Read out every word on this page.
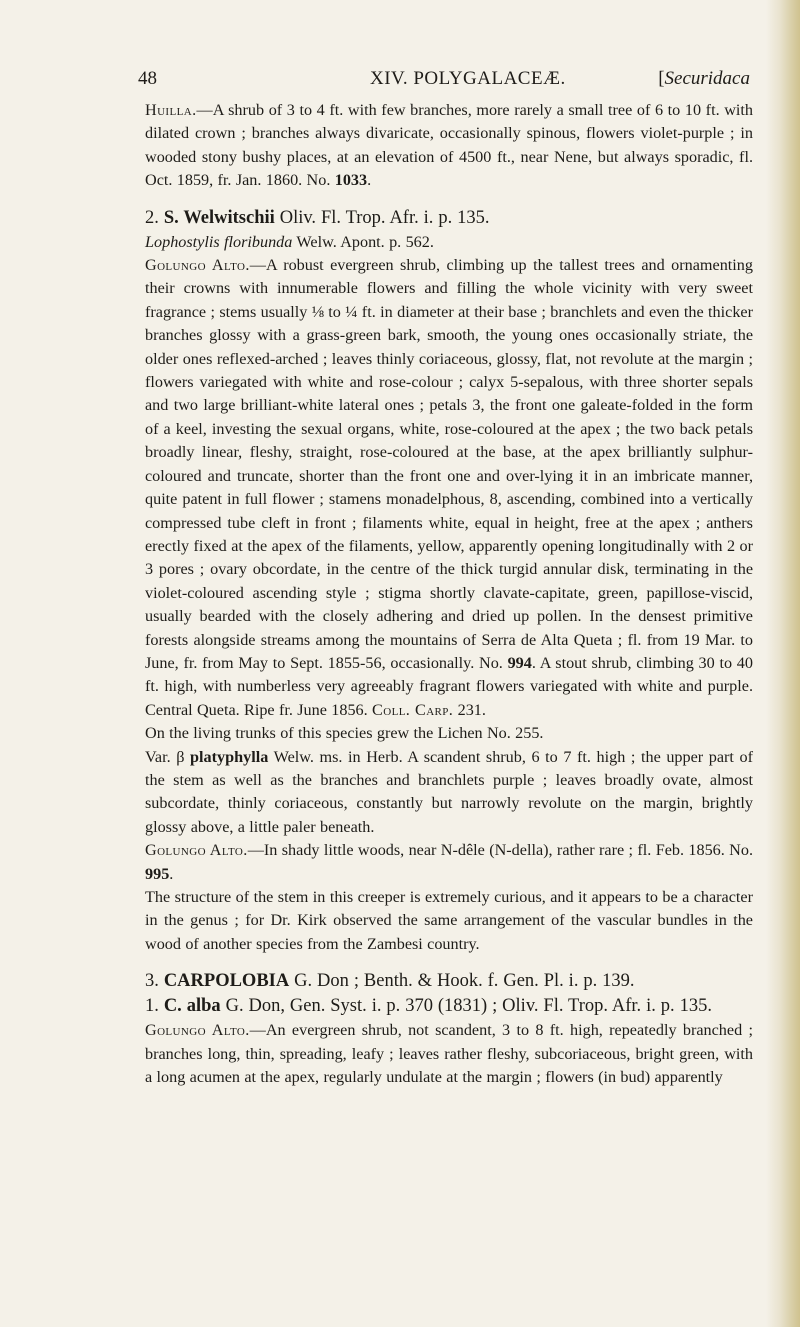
48	XIV. POLYGALACEÆ.	[Securidaca

Huilla.—A shrub of 3 to 4 ft. with few branches, more rarely a small tree of 6 to 10 ft. with dilated crown ; branches always divaricate, occasionally spinous, flowers violet-purple ; in wooded stony bushy places, at an elevation of 4500 ft., near Nene, but always sporadic, fl. Oct. 1859, fr. Jan. 1860. No. 1033.

2. S. Welwitschii Oliv. Fl. Trop. Afr. i. p. 135.

Lophostylis floribunda Welw. Apont. p. 562.

Golungo Alto.—A robust evergreen shrub, climbing up the tallest trees and ornamenting their crowns with innumerable flowers and filling the whole vicinity with very sweet fragrance ; stems usually ⅛ to ¼ ft. in diameter at their base ; branchlets and even the thicker branches glossy with a grass-green bark, smooth, the young ones occasionally striate, the older ones reflexed-arched ; leaves thinly coriaceous, glossy, flat, not revolute at the margin ; flowers variegated with white and rose-colour ; calyx 5-sepalous, with three shorter sepals and two large brilliant-white lateral ones ; petals 3, the front one galeate-folded in the form of a keel, investing the sexual organs, white, rose-coloured at the apex ; the two back petals broadly linear, fleshy, straight, rose-coloured at the base, at the apex brilliantly sulphur-coloured and truncate, shorter than the front one and over-lying it in an imbricate manner, quite patent in full flower ; stamens monadelphous, 8, ascending, combined into a vertically compressed tube cleft in front ; filaments white, equal in height, free at the apex ; anthers erectly fixed at the apex of the filaments, yellow, apparently opening longitudinally with 2 or 3 pores ; ovary obcordate, in the centre of the thick turgid annular disk, terminating in the violet-coloured ascending style ; stigma shortly clavate-capitate, green, papillose-viscid, usually bearded with the closely adhering and dried up pollen. In the densest primitive forests alongside streams among the mountains of Serra de Alta Queta ; fl. from 19 Mar. to June, fr. from May to Sept. 1855-56, occasionally. No. 994. A stout shrub, climbing 30 to 40 ft. high, with numberless very agreeably fragrant flowers variegated with white and purple. Central Queta. Ripe fr. June 1856. Coll. Carp. 231.

On the living trunks of this species grew the Lichen No. 255.

Var. β platyphylla Welw. ms. in Herb. A scandent shrub, 6 to 7 ft. high ; the upper part of the stem as well as the branches and branchlets purple ; leaves broadly ovate, almost subcordate, thinly coriaceous, constantly but narrowly revolute on the margin, brightly glossy above, a little paler beneath.

Golungo Alto.—In shady little woods, near N-dêle (N-della), rather rare ; fl. Feb. 1856. No. 995.

The structure of the stem in this creeper is extremely curious, and it appears to be a character in the genus ; for Dr. Kirk observed the same arrangement of the vascular bundles in the wood of another species from the Zambesi country.

3. CARPOLOBIA G. Don ; Benth. & Hook. f. Gen. Pl. i. p. 139.

1. C. alba G. Don, Gen. Syst. i. p. 370 (1831) ; Oliv. Fl. Trop. Afr. i. p. 135.

Golungo Alto.—An evergreen shrub, not scandent, 3 to 8 ft. high, repeatedly branched ; branches long, thin, spreading, leafy ; leaves rather fleshy, subcoriaceous, bright green, with a long acumen at the apex, regularly undulate at the margin ; flowers (in bud) apparently
